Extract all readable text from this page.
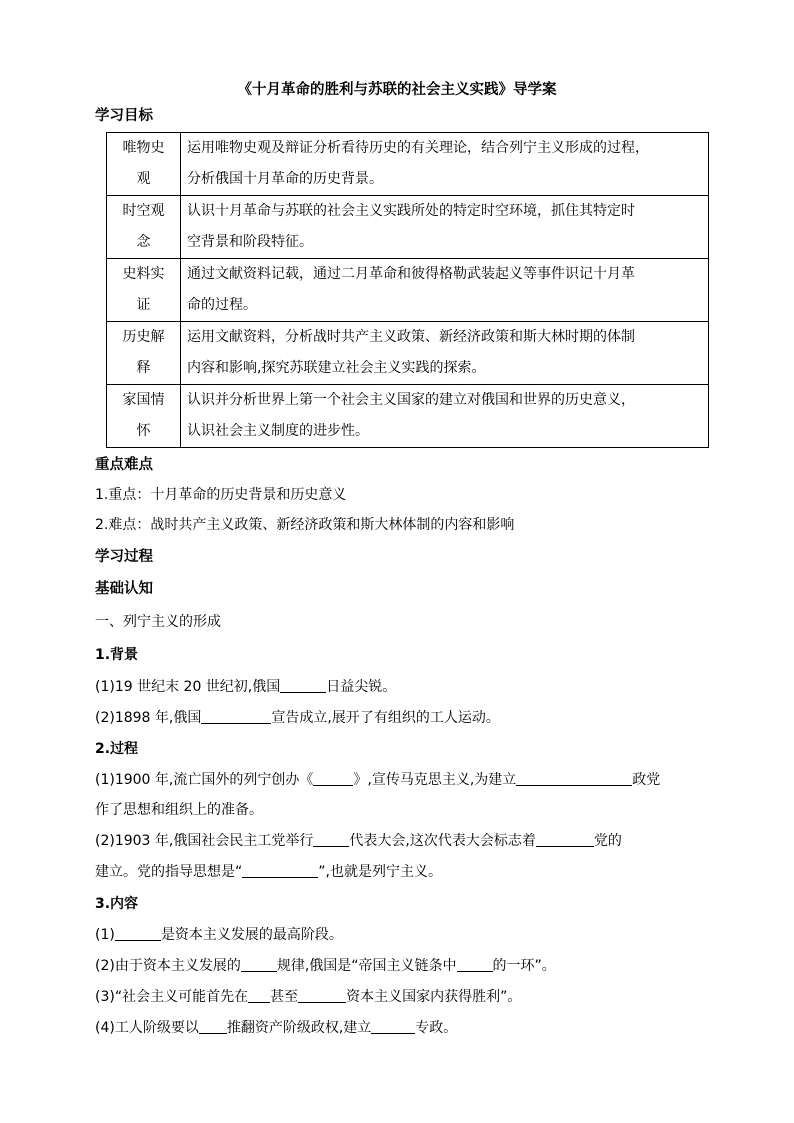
《十月革命的胜利与苏联的社会主义实践》导学案
学习目标
唯物史
观	运用唯物史观及辩证分析看待历史的有关理论，结合列宁主义形成的过程，
分析俄国十月革命的历史背景。
时空观
念	认识十月革命与苏联的社会主义实践所处的特定时空环境，抓住其特定时
空背景和阶段特征。
史料实
证	通过文献资料记载，通过二月革命和彼得格勒武装起义等事件识记十月革
命的过程。
历史解
释	运用文献资料，分析战时共产主义政策、新经济政策和斯大林时期的体制
内容和影响,探究苏联建立社会主义实践的探索。
家国情
怀	认识并分析世界上第一个社会主义国家的建立对俄国和世界的历史意义，
认识社会主义制度的进步性。
重点难点
1.重点：十月革命的历史背景和历史意义
2.难点：战时共产主义政策、新经济政策和斯大林体制的内容和影响
学习过程
基础认知
一、列宁主义的形成
1.背景
(1)19 世纪末 20 世纪初,俄国	日益尖锐。
(2)1898 年,俄国	宣告成立,展开了有组织的工人运动。
2.过程
(1)1900 年,流亡国外的列宁创办《	》,宣传马克思主义,为建立	政党
作了思想和组织上的准备。
(2)1903 年,俄国社会民主工党举行	代表大会,这次代表大会标志着	党的
建立。党的指导思想是“	”,也就是列宁主义。
3.内容
(1)	是资本主义发展的最高阶段。
(2)由于资本主义发展的	规律,俄国是“帝国主义链条中	的一环”。
(3)“社会主义可能首先在 甚至	资本主义国家内获得胜利”。
(4)工人阶级要以 推翻资产阶级政权,建立	专政。
